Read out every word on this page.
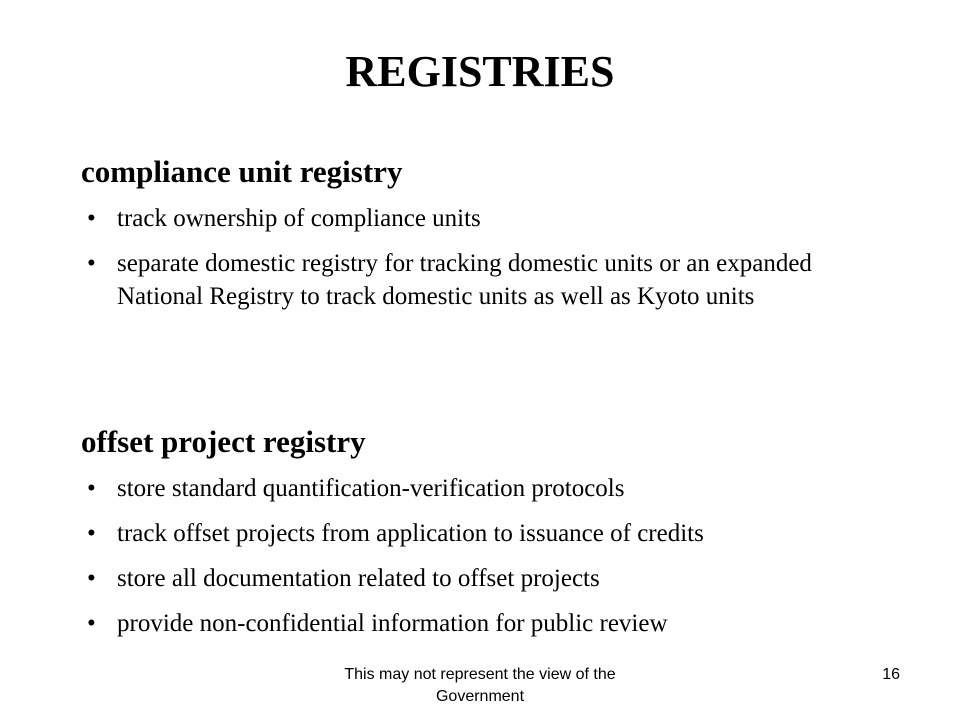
REGISTRIES
compliance unit registry
• track ownership of compliance units
• separate domestic registry for tracking domestic units or an expanded National Registry to track domestic units as well as Kyoto units
offset project registry
• store standard quantification-verification protocols
• track offset projects from application to issuance of credits
• store all documentation related to offset projects
• provide non-confidential information for public review
This may not represent the view of the Government
16
